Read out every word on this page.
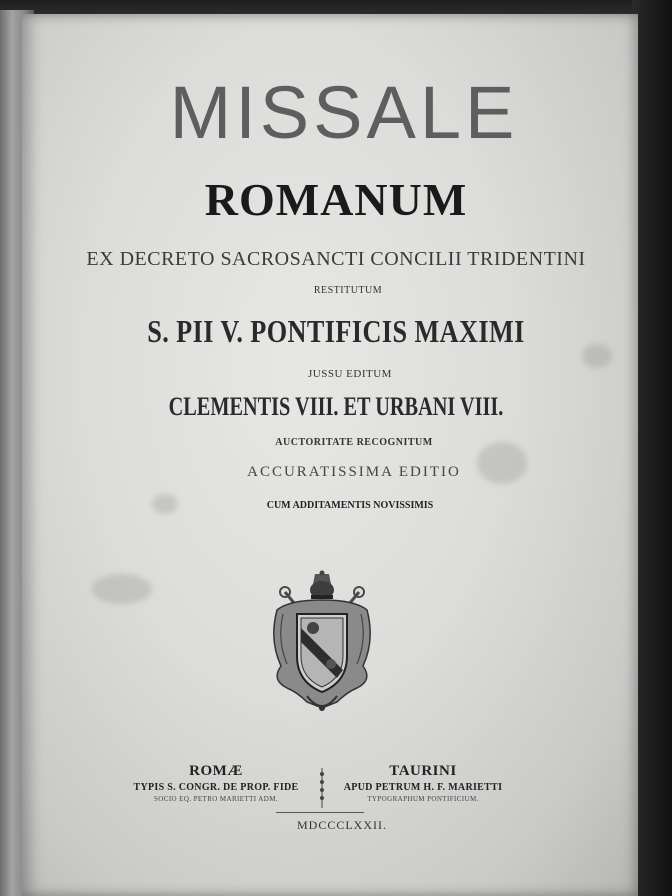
MISSALE
ROMANUM
EX DECRETO SACROSANCTI CONCILII TRIDENTINI
RESTITUTUM
S. PII V. PONTIFICIS MAXIMI
JUSSU EDITUM
CLEMENTIS VIII. ET URBANI VIII.
AUCTORITATE RECOGNITUM
ACCURATISSIMA EDITIO
CUM ADDITAMENTIS NOVISSIMIS
ROMÆ
TYPIS S. CONGR. DE PROP. FIDE
SOCIO EQ. PETRO MARIETTI ADM.
TAURINI
APUD PETRUM H. F. MARIETTI
TYPOGRAPHUM PONTIFICIUM.
MDCCCLXXII.
